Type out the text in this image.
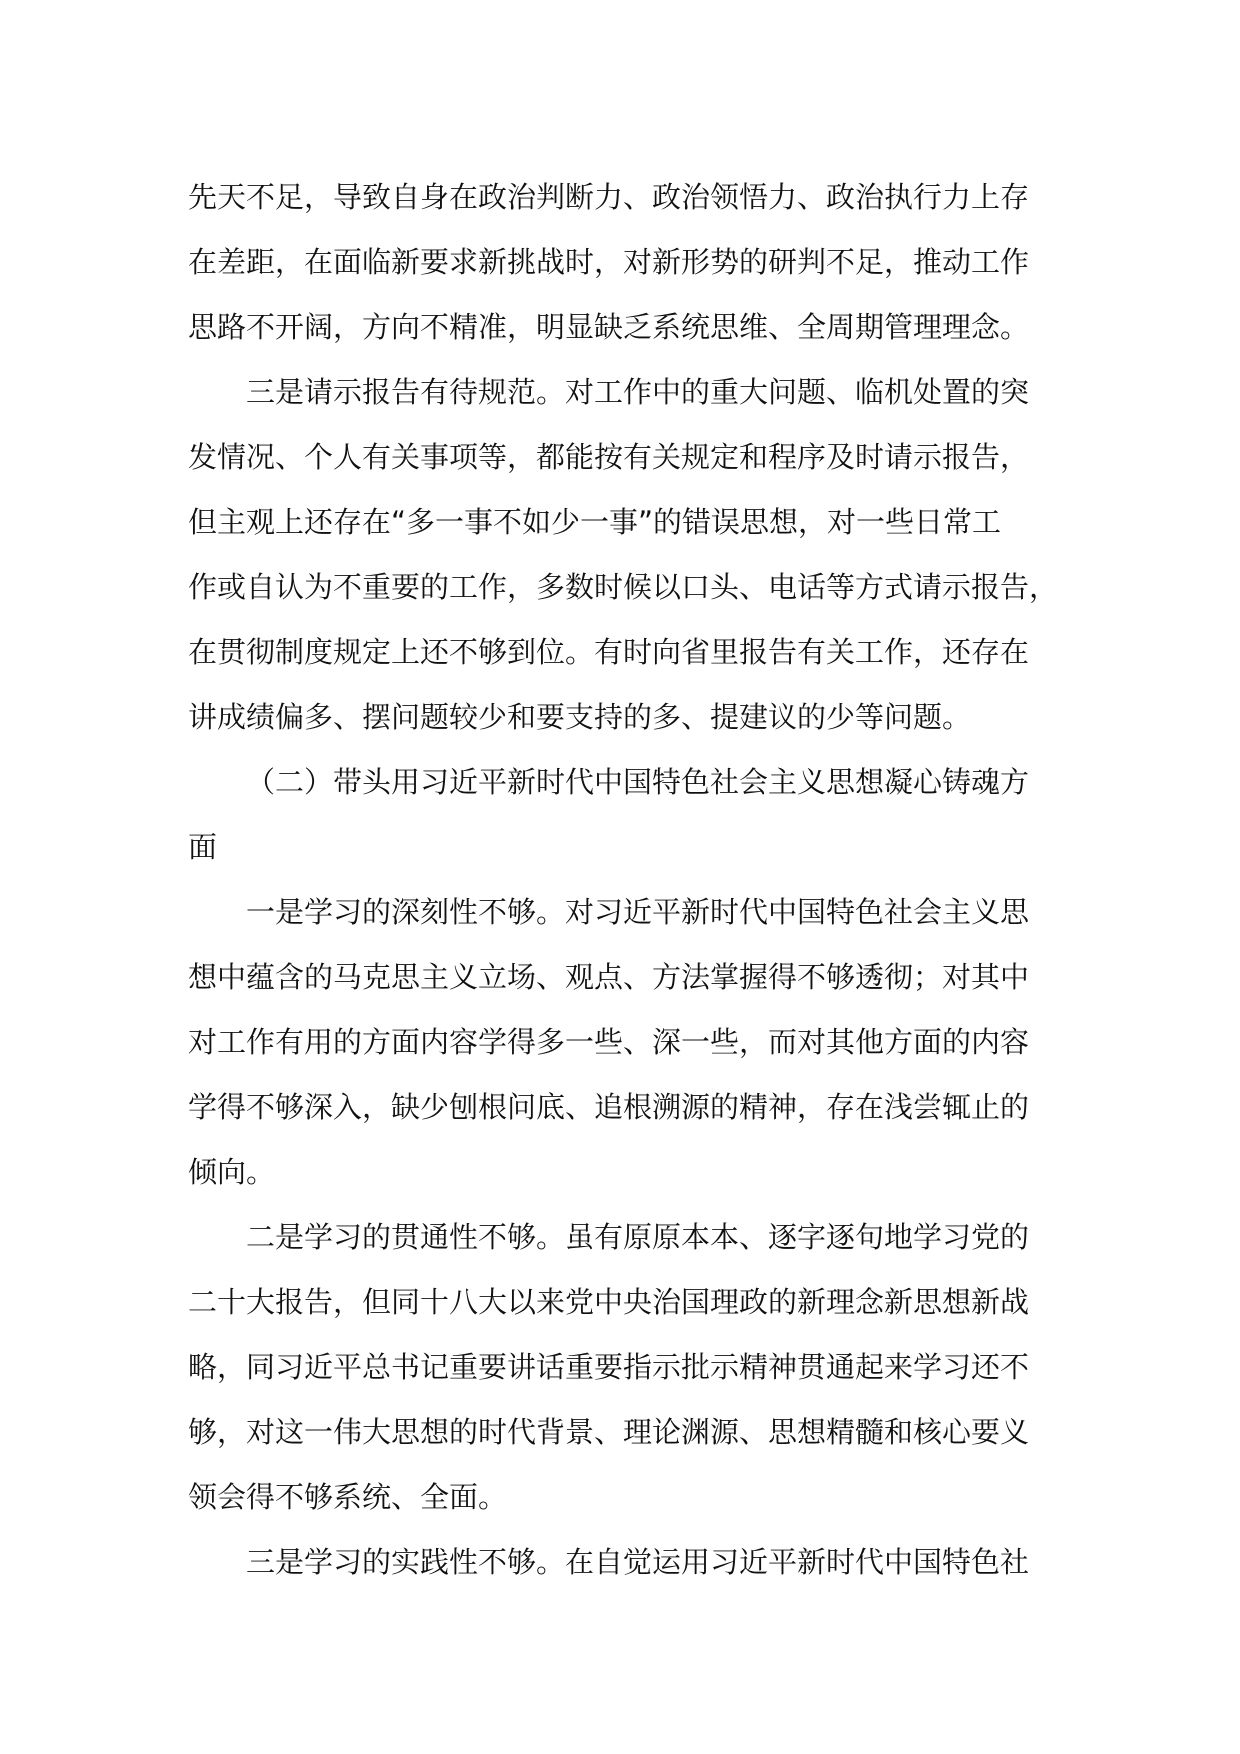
先天不足，导致自身在政治判断力、政治领悟力、政治执行力上存
在差距，在面临新要求新挑战时，对新形势的研判不足，推动工作
思路不开阔，方向不精准，明显缺乏系统思维、全周期管理理念。
三是请示报告有待规范。对工作中的重大问题、临机处置的突
发情况、个人有关事项等，都能按有关规定和程序及时请示报告，
但主观上还存在“多一事不如少一事”的错误思想，对一些日常工
作或自认为不重要的工作，多数时候以口头、电话等方式请示报告，
在贯彻制度规定上还不够到位。有时向省里报告有关工作，还存在
讲成绩偏多、摆问题较少和要支持的多、提建议的少等问题。
（二）带头用习近平新时代中国特色社会主义思想凝心铸魂方
面
一是学习的深刻性不够。对习近平新时代中国特色社会主义思
想中蕴含的马克思主义立场、观点、方法掌握得不够透彻；对其中
对工作有用的方面内容学得多一些、深一些，而对其他方面的内容
学得不够深入，缺少刨根问底、追根溯源的精神，存在浅尝辄止的
倾向。
二是学习的贯通性不够。虽有原原本本、逐字逐句地学习党的
二十大报告，但同十八大以来党中央治国理政的新理念新思想新战
略，同习近平总书记重要讲话重要指示批示精神贯通起来学习还不
够，对这一伟大思想的时代背景、理论渊源、思想精髓和核心要义
领会得不够系统、全面。
三是学习的实践性不够。在自觉运用习近平新时代中国特色社
